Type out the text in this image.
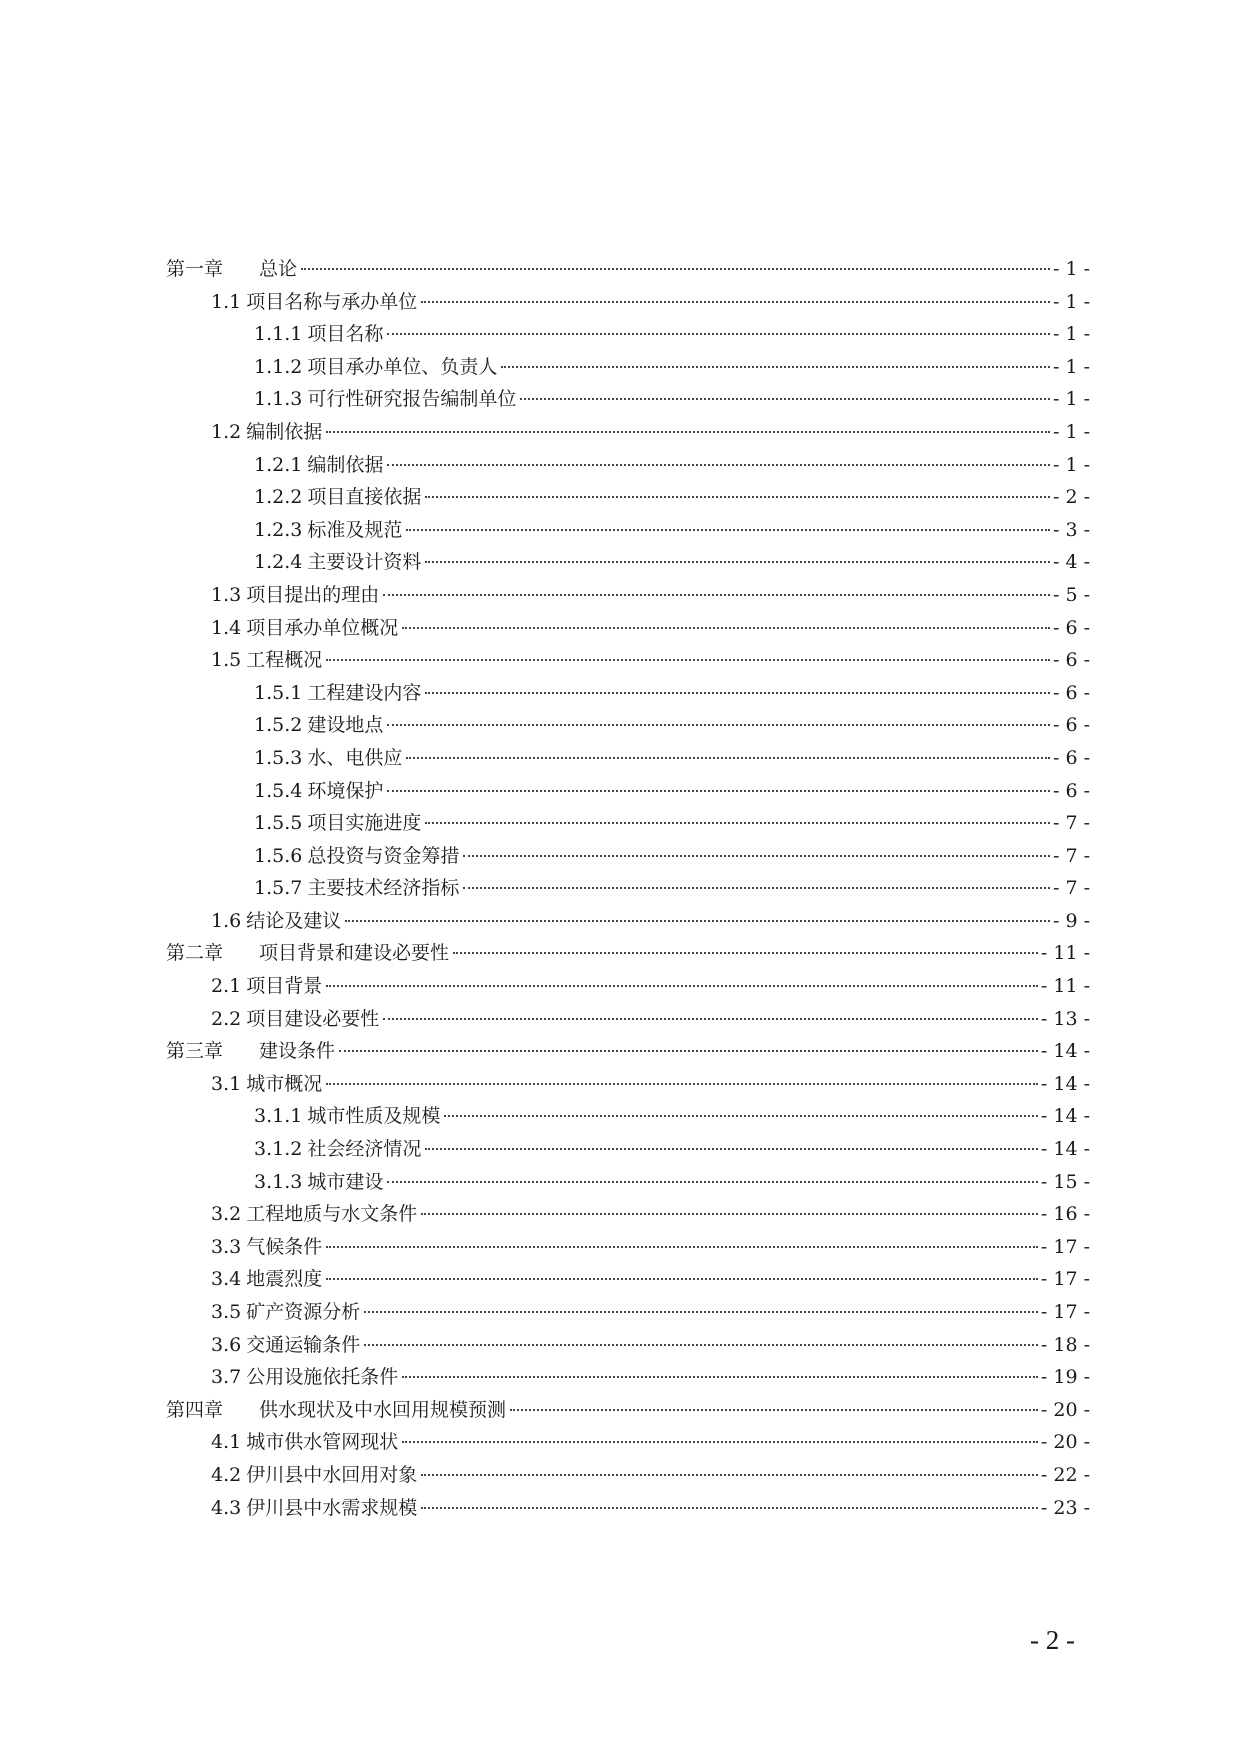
第一章 总论	- 1 -
1.1 项目名称与承办单位	- 1 -
1.1.1 项目名称	- 1 -
1.1.2 项目承办单位、负责人	- 1 -
1.1.3 可行性研究报告编制单位	- 1 -
1.2 编制依据	- 1 -
1.2.1 编制依据	- 1 -
1.2.2 项目直接依据	- 2 -
1.2.3 标准及规范	- 3 -
1.2.4 主要设计资料	- 4 -
1.3 项目提出的理由	- 5 -
1.4 项目承办单位概况	- 6 -
1.5 工程概况	- 6 -
1.5.1 工程建设内容	- 6 -
1.5.2 建设地点	- 6 -
1.5.3 水、电供应	- 6 -
1.5.4 环境保护	- 6 -
1.5.5 项目实施进度	- 7 -
1.5.6 总投资与资金筹措	- 7 -
1.5.7 主要技术经济指标	- 7 -
1.6 结论及建议	- 9 -
第二章 项目背景和建设必要性	- 11 -
2.1 项目背景	- 11 -
2.2 项目建设必要性	- 13 -
第三章 建设条件	- 14 -
3.1 城市概况	- 14 -
3.1.1 城市性质及规模	- 14 -
3.1.2 社会经济情况	- 14 -
3.1.3 城市建设	- 15 -
3.2 工程地质与水文条件	- 16 -
3.3 气候条件	- 17 -
3.4 地震烈度	- 17 -
3.5 矿产资源分析	- 17 -
3.6 交通运输条件	- 18 -
3.7 公用设施依托条件	- 19 -
第四章 供水现状及中水回用规模预测	- 20 -
4.1 城市供水管网现状	- 20 -
4.2 伊川县中水回用对象	- 22 -
4.3 伊川县中水需求规模	- 23 -
- 2 -
